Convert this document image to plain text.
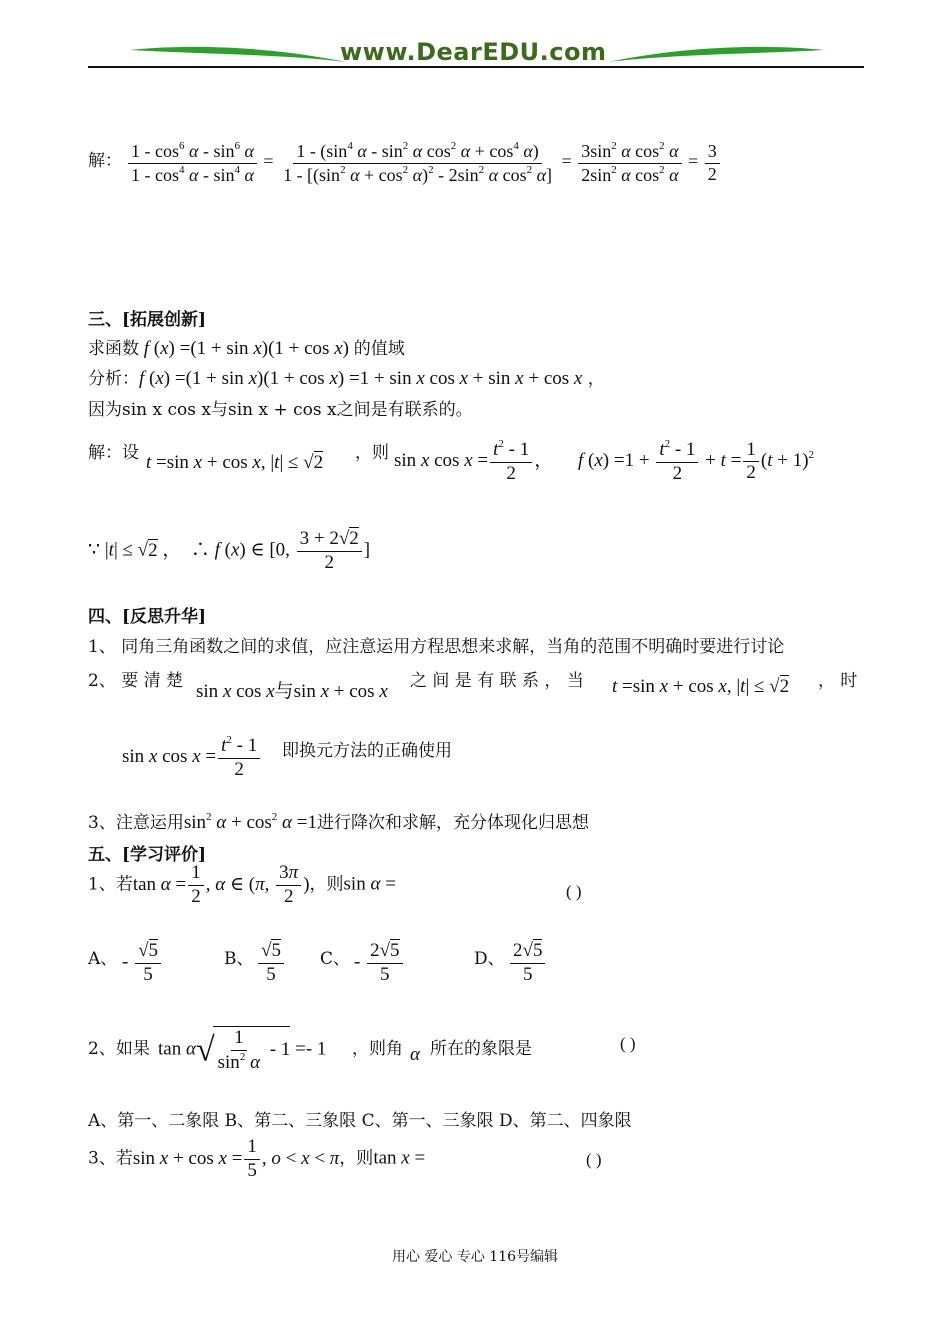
www.DearEDU.com
解： $\frac{1 - \cos^6 \alpha - \sin^6 \alpha}{1 - \cos^4 \alpha - \sin^4 \alpha} = \frac{1 - (\sin^4 \alpha - \sin^2 \alpha \cos^2 \alpha + \cos^4 \alpha)}{1 - [(\sin^2 \alpha + \cos^2 \alpha)^2 - 2\sin^2 \alpha \cos^2 \alpha]} = \frac{3\sin^2 \alpha \cos^2 \alpha}{2\sin^2 \alpha \cos^2 \alpha} = \frac{3}{2}$
三、[拓展创新]
求函数 f (x) =(1 + sin x)(1 + cos x) 的值域
分析：f (x) =(1 + sin x)(1 + cos x) =1 + sin x cos x + sin x + cos x ，
因为sin x cos x与sin x + cos x之间是有联系的。
解：设 t =sin x + cos x, |t| ≤ √2 ，则 sin x $\cos x = \frac{t^2 - 1}{2}$ ， f $(x) =1 + \frac{t^2 - 1}{2} + t = \frac{1}{2} (t + 1)^2$
∵ |t| ≤ √2 ，  ∴ f (x) ∈ [0, $\frac{3 + 2√2}{2}$ ]
四、[反思升华]
1、 同角三角函数之间的求值，应注意运用方程思想来求解，当角的范围不明确时要进行讨论
2、 要 清 楚 sin x cos x与sin x + cos x 之 间 是 有 联 系 ， 当 t =sin x + cos x, |t| ≤ √2 ， 时
sin x $\cos x = \frac{t^2 - 1}{2}$ 即换元方法的正确使用
3、注意运用$\sin^2 \alpha + \cos^2 \alpha =1$进行降次和求解，充分体现化归思想
五、[学习评价]
1、若$\tan \alpha = \frac{1}{2}$ , α ∈ (π, $\frac{3\pi}{2}$ )，则sin α =	( )
A、 - $\frac{√5}{5}$	B、 $\frac{√5}{5}$ C、 - $\frac{2√5}{5}$	D、 $\frac{2√5}{5}$
2、如果 $\tan \alpha√ \frac{1}{\sin^2 \alpha} - 1 =- 1$ ，则角 α 所在的象限是	( )
A、第一、二象限 B、第二、三象限 C、第一、三象限 D、第二、四象限
3、若$\sin x + \cos x = \frac{1}{5}$ , o < x < π，则tan x =	( )
用心 爱心 专心 116号编辑
